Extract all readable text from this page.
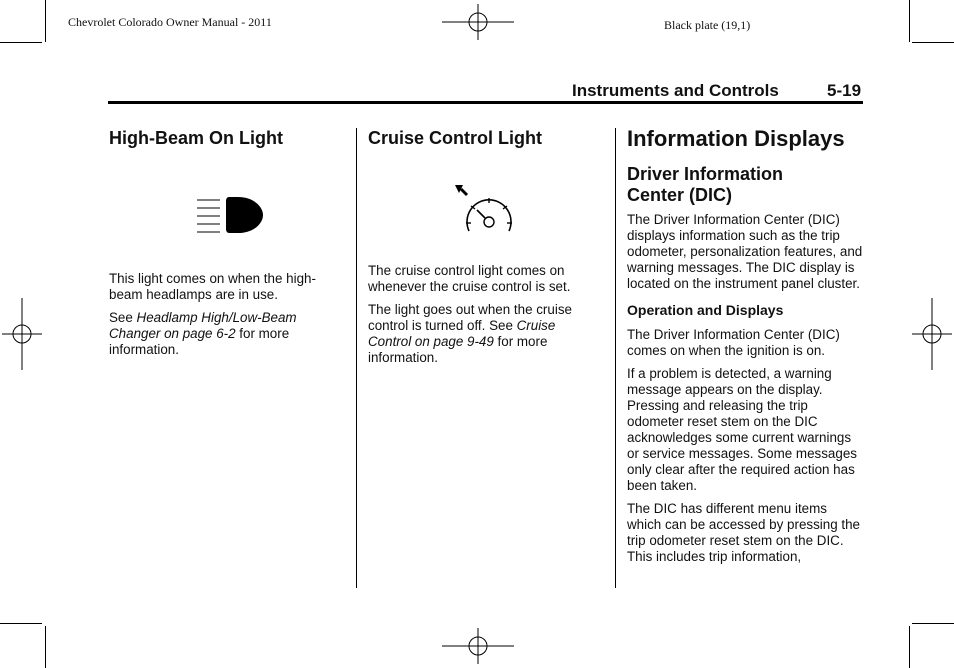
Chevrolet Colorado Owner Manual - 2011	Black plate (19,1)
Instruments and Controls	5-19
High-Beam On Light

This light comes on when the high-beam headlamps are in use.

See Headlamp High/Low-Beam Changer on page 6-2 for more information.

Cruise Control Light

The cruise control light comes on whenever the cruise control is set.

The light goes out when the cruise control is turned off. See Cruise Control on page 9-49 for more information.

Information Displays
Driver Information Center (DIC)

The Driver Information Center (DIC) displays information such as the trip odometer, personalization features, and warning messages. The DIC display is located on the instrument panel cluster.

Operation and Displays

The Driver Information Center (DIC) comes on when the ignition is on.

If a problem is detected, a warning message appears on the display. Pressing and releasing the trip odometer reset stem on the DIC acknowledges some current warnings or service messages. Some messages only clear after the required action has been taken.

The DIC has different menu items which can be accessed by pressing the trip odometer reset stem on the DIC. This includes trip information,
